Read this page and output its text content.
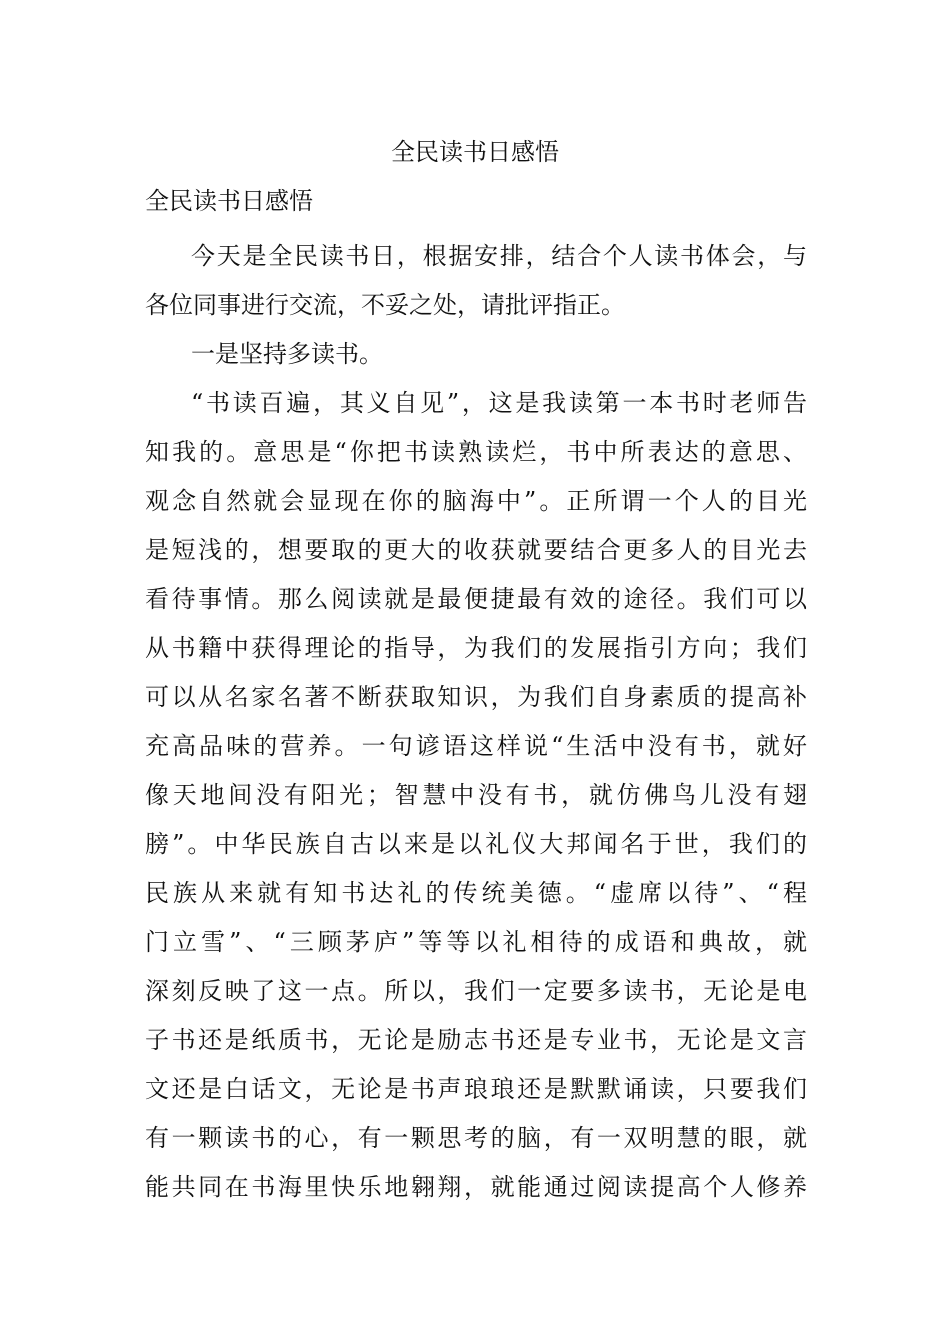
全民读书日感悟
全民读书日感悟
今天是全民读书日，根据安排，结合个人读书体会，与
各位同事进行交流，不妥之处，请批评指正。
一是坚持多读书。
“书读百遍，其义自见”，这是我读第一本书时老师告
知我的。意思是“你把书读熟读烂，书中所表达的意思、
观念自然就会显现在你的脑海中”。正所谓一个人的目光
是短浅的，想要取的更大的收获就要结合更多人的目光去
看待事情。那么阅读就是最便捷最有效的途径。我们可以
从书籍中获得理论的指导，为我们的发展指引方向；我们
可以从名家名著不断获取知识，为我们自身素质的提高补
充高品味的营养。一句谚语这样说“生活中没有书，就好
像天地间没有阳光；智慧中没有书，就仿佛鸟儿没有翅
膀”。中华民族自古以来是以礼仪大邦闻名于世，我们的
民族从来就有知书达礼的传统美德。“虚席以待”、“程
门立雪”、“三顾茅庐”等等以礼相待的成语和典故，就
深刻反映了这一点。所以，我们一定要多读书，无论是电
子书还是纸质书，无论是励志书还是专业书，无论是文言
文还是白话文，无论是书声琅琅还是默默诵读，只要我们
有一颗读书的心，有一颗思考的脑，有一双明慧的眼，就
能共同在书海里快乐地翱翔，就能通过阅读提高个人修养
